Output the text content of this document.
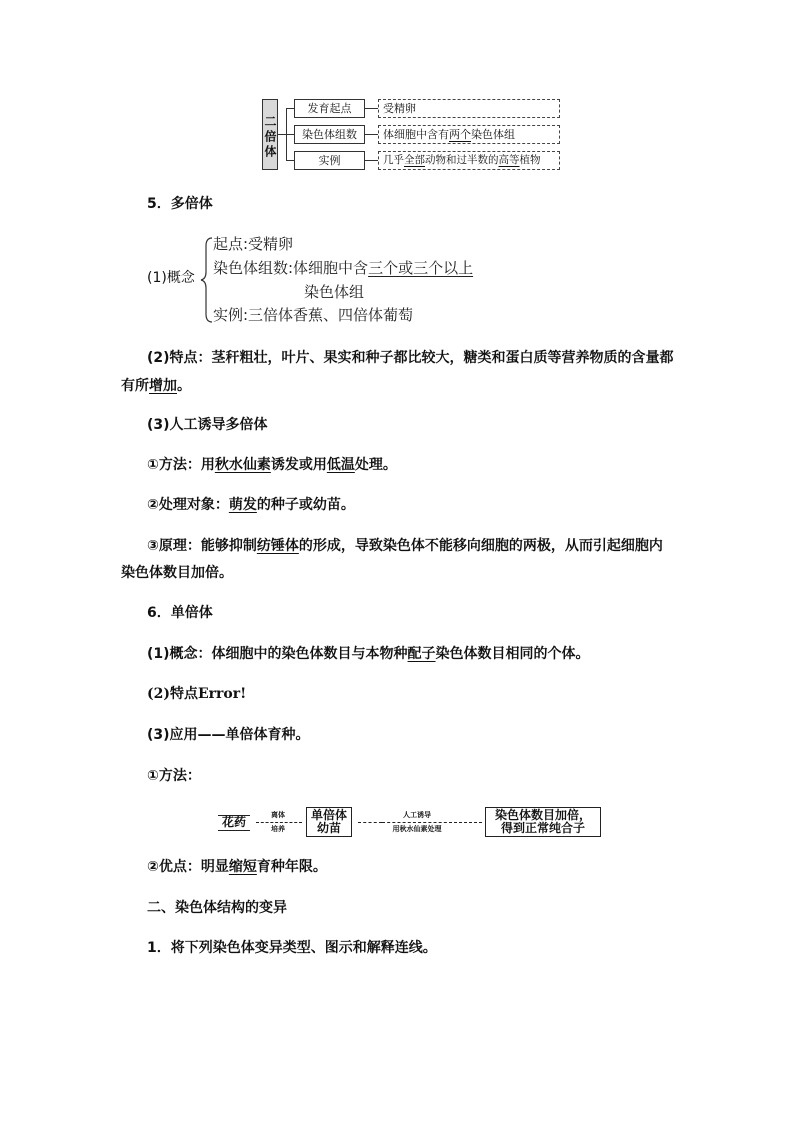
二倍体
发育起点
染色体组数
实例
受精卵
体细胞中含有两个染色体组
几乎全部动物和过半数的高等植物
5．多倍体
(1)概念
起点:受精卵
染色体组数:体细胞中含三个或三个以上
染色体组
实例:三倍体香蕉、四倍体葡萄
(2)特点：茎秆粗壮，叶片、果实和种子都比较大，糖类和蛋白质等营养物质的含量都
有所增加。
(3)人工诱导多倍体
①方法：用秋水仙素诱发或用低温处理。
②处理对象：萌发的种子或幼苗。
③原理：能够抑制纺锤体的形成，导致染色体不能移向细胞的两极，从而引起细胞内
染色体数目加倍。
6．单倍体
(1)概念：体细胞中的染色体数目与本物种配子染色体数目相同的个体。
(2)特点Error!
(3)应用——单倍体育种。
①方法：
花药	离体
培养
单倍体
幼苗
人工诱导
用秋水仙素处理
染色体数目加倍，
得到正常纯合子
②优点：明显缩短育种年限。
二、染色体结构的变异
1．将下列染色体变异类型、图示和解释连线。
